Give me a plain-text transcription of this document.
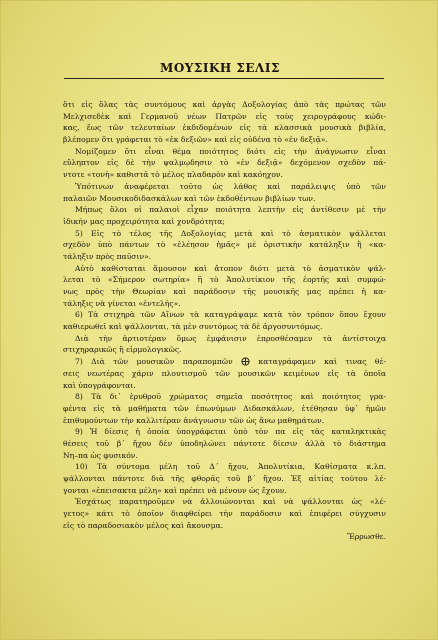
ΜΟΥΣΙΚΗ ΣΕΛΙΣ
ὅτι εἰς ὅλας τὰς συντόμους καὶ ἀργὰς Δοξολογίας ἀπὸ τὰς πρώτας τῶν
Μελχισεδὲκ καὶ Γερμανοῦ νέων Πατρῶν εἰς τοὺς χειρογράφους κώδι-
κας, ἕως τῶν τελευταίων ἐκδιδομένων εἰς τὰ κλασσικὰ μουσικὰ βιβλία,
βλέπομεν ὅτι γράφεται τὸ «ἐκ δεξιῶν» καὶ εἰς οὐδένα τὸ «ἐν δεξιᾷ».
Νομίζομεν ὅτι εἶναι θέμα ποιότητος διότι εἰς τὴν ἀνάγνωσιν εἶναι
εὔληπτον εἰς δὲ τὴν ψαλμῳδησιν τὸ «ἐν δεξιᾷ» δεχόμενον σχεδὸν πά-
ντοτε «τονὴ» καθιστᾶ τὸ μέλος πλαδαρὸν καὶ κακόηχον.
Ὑπότινων ἀναφέρεται τοῦτο ὡς λάθος καὶ παράλειψις ὑπὸ τῶν
παλαιῶν Μουσικοδιδασκάλων καὶ τῶν ἐκδοθέντων βιβλίων των.
Μήπως ὅλοι οἱ παλαιοὶ εἶχαν ποιότητα λεπτὴν εἰς ἀντίθεσιν μὲ τὴν
ἰδικήν μας προχειρότητα καὶ χονδρότητα;
5) Εἰς τὸ τέλος τῆς Δοξολογίας μετὰ καὶ τὸ ἀσματικὸν ψάλλεται
σχεδὸν ὑπὸ πάντων τὸ «ἐλέησον ἡμᾶς» μὲ ὁριστικὴν κατάληξιν ἢ «κα-
τάληξιν πρὸς παῦσιν».
Αὐτὸ καθίσταται ἄμουσον καὶ ἄτοπον διότι μετὰ τὸ ἀσματικὸν ψάλ-
λεται τὸ «Σήμερον σωτηρία» ἢ τὸ Ἀπολυτίκιον τῆς ἑορτῆς καὶ συμφώ-
νως πρὸς τὴν Θεωρίαν καὶ παράδοσιν τῆς μουσικῆς μας πρέπει ἡ κα-
τάληξις νὰ γίνεται «ἐντελής».
6) Τὰ στιχηρὰ τῶν Αἴνων τὰ καταγράψαμε κατὰ τὸν τρόπον ὅπου ἔχουν
καθιερωθεῖ καὶ ψάλλονται, τὰ μὲν συντόμως τὰ δὲ ἀργοσυντόμως.
Διὰ τὴν ἀρτιοτέραν ὅμως ἐμφάνισιν ἐπροσθέσαμεν τὰ ἀντίστοιχα
στιχηραρικῶς ἢ εἱρμολογικῶς.
7) Διὰ τῶν μουσικῶν παραπομπῶν	καταγράφαμεν καὶ τινας θέ-
σεις νεωτέρας χάριν πλουτισμοῦ τῶν μουσικῶν κειμένων εἰς τὰ ὁποῖα
καὶ ὑπογράφονται.
8) Τὰ δι᾽ ἐρυθροῦ χρώματος σημεῖα ποσότητος καὶ ποιότητος γρα-
φέντα εἰς τὰ μαθήματα τῶν ἐπωνύμων Διδασκάλων, ἐτέθησαν ὑφ᾽ ἡμῶν
ἐπιθυμούντων τὴν καλλιτέραν ἀνάγνωσιν τῶν ὡς ἄνω μαθημάτων.
9) Ἡ δίεσις ἡ ὁποία ὑπογράφεται ὑπὸ τὸν πα εἰς τὰς καταληκτικὰς
θέσεις τοῦ β΄ ἤχου δὲν ὑποδηλώνει πάντοτε δίεσιν ἀλλὰ τὸ διάστημα
Νη–πα ὡς φυσικόν.
10) Τὰ σύντομα μέλη τοῦ Δ΄ ἤχου, Ἀπολυτίκια, Καθίσματα κ.λπ.
ψάλλονται πάντοτε διὰ τῆς φθορᾶς τοῦ β΄ ἤχου. Ἐξ αἰτίας τούτου λέ-
γονται «ἐπεισακτα μέλη» καὶ πρέπει νὰ μένουν ὡς ἔχουν.
Ἐσχάτως παρατηροῦμεν νὰ ἀλλοιώνονται καὶ νὰ ψάλλονται ὡς «λέ-
γετος» κάτι τὸ ὁποῖον διαφθείρει τὴν παράδοσιν καὶ ἐπιφέρει σύγχυσιν
εἰς τὸ παραδοσιακὸν μέλος καὶ ἄκουσμα.
Ἔρρωσθε.
